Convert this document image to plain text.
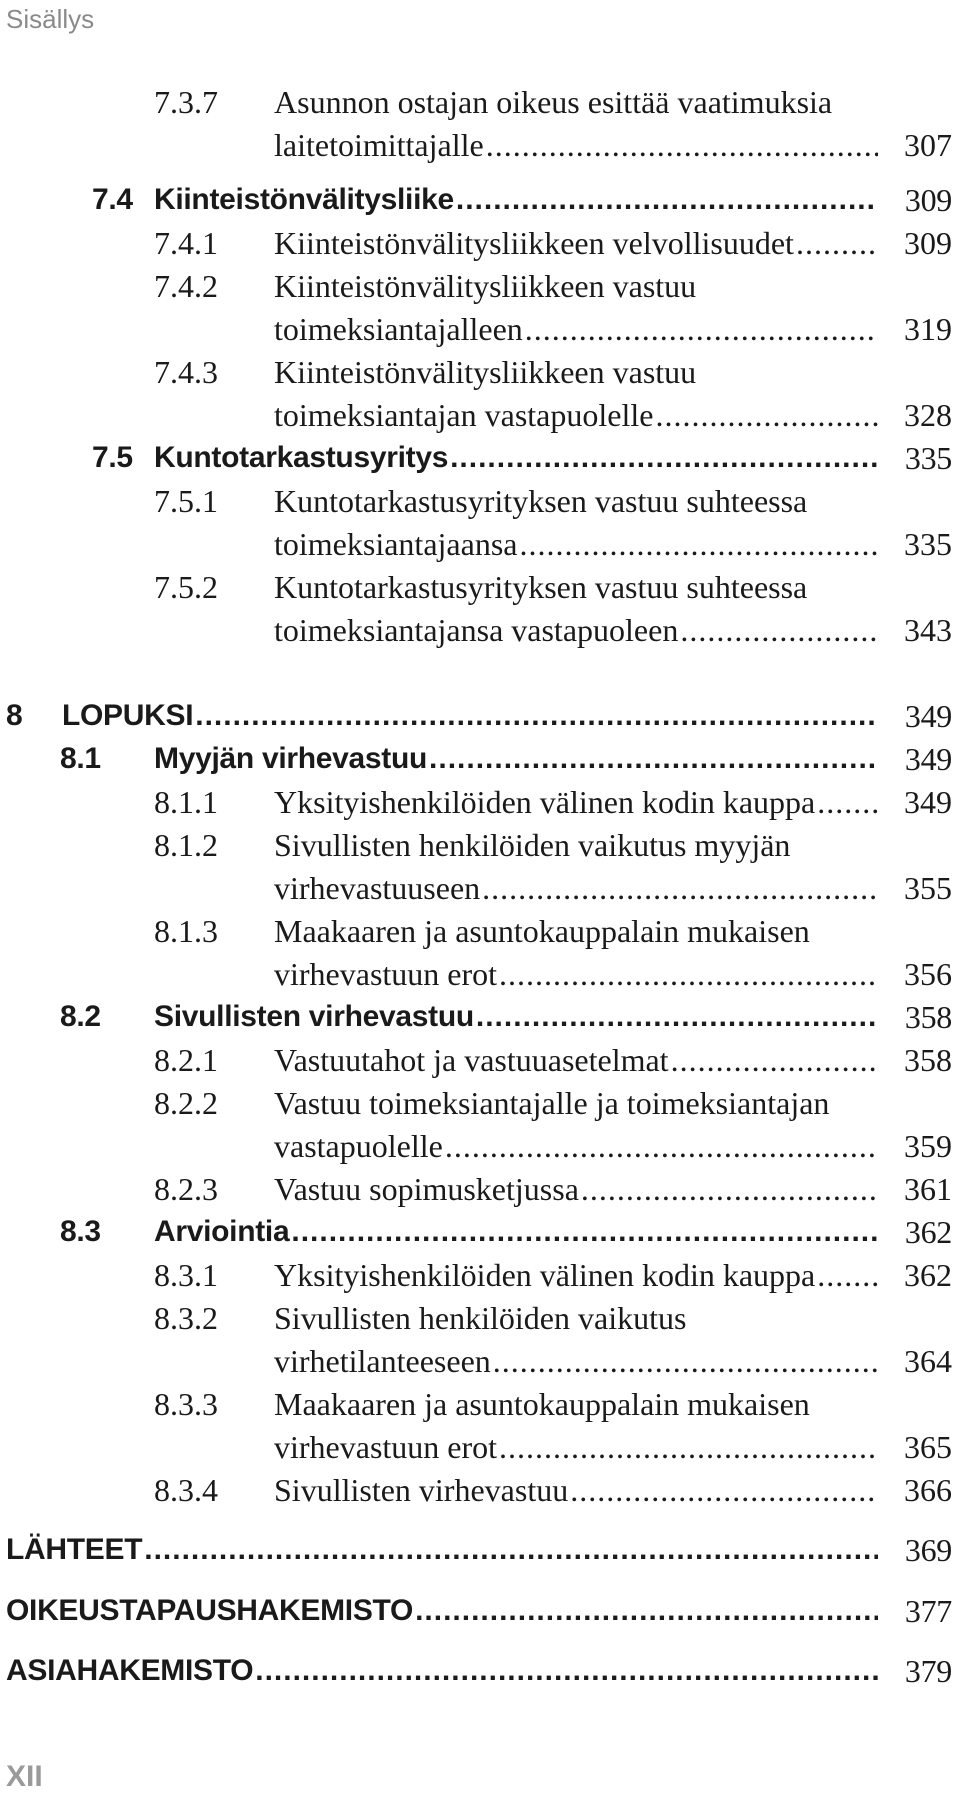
Sisällys
7.3.7 Asunnon ostajan oikeus esittää vaatimuksia
laitetoimittajalle .....	307
7.4 Kiinteistönvälitysliike .....	309
7.4.1 Kiinteistönvälitysliikkeen velvollisuudet .....	309
7.4.2 Kiinteistönvälitysliikkeen vastuu
toimeksiantajalleen .....	319
7.4.3 Kiinteistönvälitysliikkeen vastuu
toimeksiantajan vastapuolelle .....	328
7.5 Kuntotarkastusyritys .....	335
7.5.1 Kuntotarkastusyrityksen vastuu suhteessa
toimeksiantajaansa .....	335
7.5.2 Kuntotarkastusyrityksen vastuu suhteessa
toimeksiantajansa vastapuoleen .....	343
8 LOPUKSI .....	349
8.1 Myyjän virhevastuu .....	349
8.1.1 Yksityishenkilöiden välinen kodin kauppa .....	349
8.1.2 Sivullisten henkilöiden vaikutus myyjän
virhevastuuseen .....	355
8.1.3 Maakaaren ja asuntokauppalain mukaisen
virhevastuun erot .....	356
8.2 Sivullisten virhevastuu .....	358
8.2.1 Vastuutahot ja vastuuasetelmat .....	358
8.2.2 Vastuu toimeksiantajalle ja toimeksiantajan
vastapuolelle .....	359
8.2.3 Vastuu sopimusketjussa .....	361
8.3 Arviointia .....	362
8.3.1 Yksityishenkilöiden välinen kodin kauppa .....	362
8.3.2 Sivullisten henkilöiden vaikutus
virhetilanteeseen .....	364
8.3.3 Maakaaren ja asuntokauppalain mukaisen
virhevastuun erot .....	365
8.3.4 Sivullisten virhevastuu .....	366
LÄHTEET .....	369
OIKEUSTAPAUSHAKEMISTO .....	377
ASIAHAKEMISTO .....	379
XII
